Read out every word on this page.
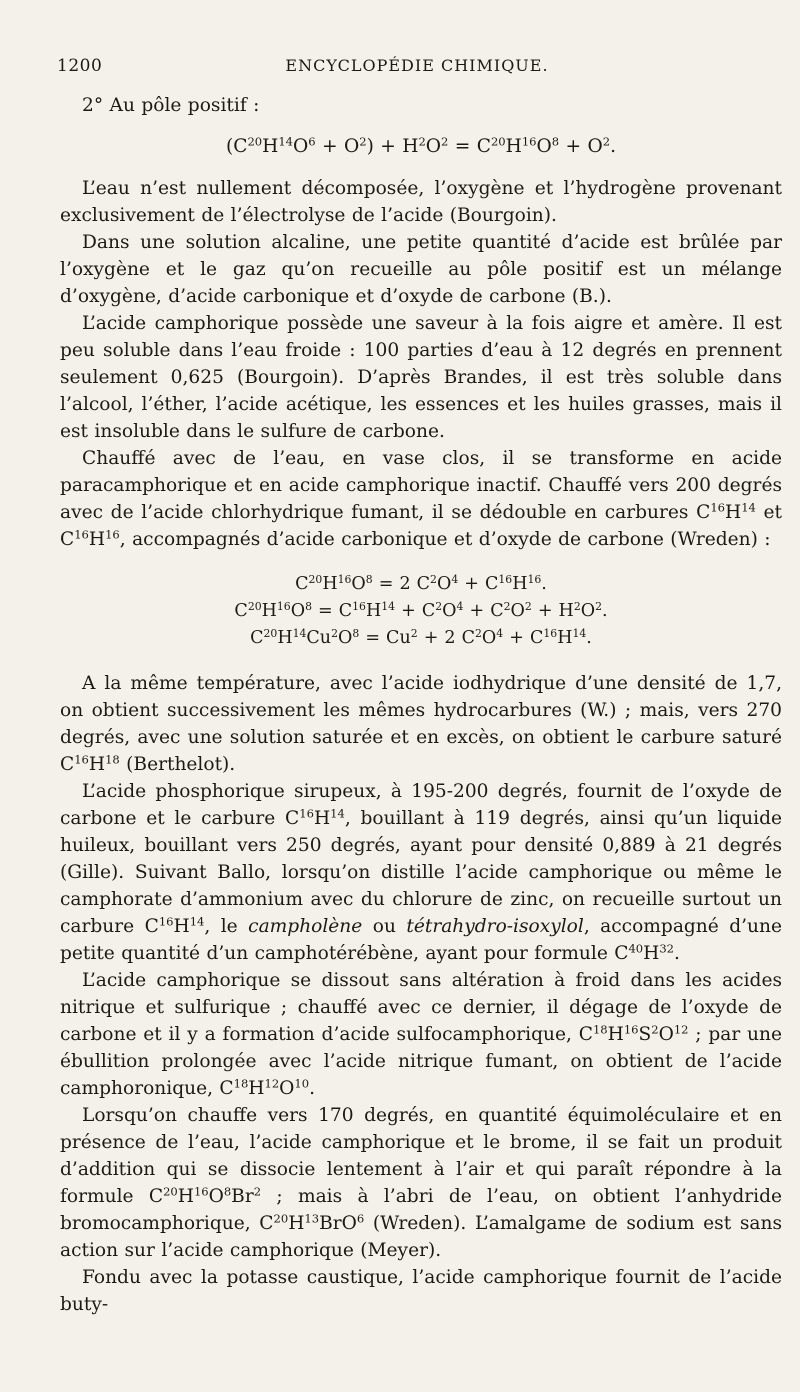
1200	ENCYCLOPÉDIE CHIMIQUE.

2° Au pôle positif :

$(C^{20}H^{14}O^6 + O^2) + H^2O^2 = C^{20}H^{16}O^8 + O^2$.

L’eau n’est nullement décomposée, l’oxygène et l’hydrogène provenant exclusivement de l’électrolyse de l’acide (Bourgoin).

Dans une solution alcaline, une petite quantité d’acide est brûlée par l’oxygène et le gaz qu’on recueille au pôle positif est un mélange d’oxygène, d’acide carbonique et d’oxyde de carbone (B.).

L’acide camphorique possède une saveur à la fois aigre et amère. Il est peu soluble dans l’eau froide : 100 parties d’eau à 12 degrés en prennent seulement 0,625 (Bourgoin). D’après Brandes, il est très soluble dans l’alcool, l’éther, l’acide acétique, les essences et les huiles grasses, mais il est insoluble dans le sulfure de carbone.

Chauffé avec de l’eau, en vase clos, il se transforme en acide paracamphorique et en acide camphorique inactif. Chauffé vers 200 degrés avec de l’acide chlorhydrique fumant, il se dédouble en carbures $C^{16}H^{14}$ et $C^{16}H^{16}$, accompagnés d’acide carbonique et d’oxyde de carbone (Wreden) :

$C^{20}H^{16}O^8 = 2$ $C^2O^4 + C^{16}H^{16}$.
$C^{20}H^{16}O^8 = C^{16}H^{14} + C^2O^4 + C^2O^2 + H^2O^2$.
$C^{20}H^{14}Cu^2O^8 = Cu^2 + 2$ $C^2O^4 + C^{16}H^{14}$.

A la même température, avec l’acide iodhydrique d’une densité de 1,7, on obtient successivement les mêmes hydrocarbures (W.) ; mais, vers 270 degrés, avec une solution saturée et en excès, on obtient le carbure saturé $C^{16}H^{18}$ (Berthelot).

L’acide phosphorique sirupeux, à 195-200 degrés, fournit de l’oxyde de carbone et le carbure $C^{16}H^{14}$, bouillant à 119 degrés, ainsi qu’un liquide huileux, bouillant vers 250 degrés, ayant pour densité 0,889 à 21 degrés (Gille). Suivant Ballo, lorsqu’on distille l’acide camphorique ou même le camphorate d’ammonium avec du chlorure de zinc, on recueille surtout un carbure $C^{16}H^{14}$, le campholène ou tétrahydro-isoxylol, accompagné d’une petite quantité d’un camphotérébène, ayant pour formule $C^{40}H^{32}$.

L’acide camphorique se dissout sans altération à froid dans les acides nitrique et sulfurique ; chauffé avec ce dernier, il dégage de l’oxyde de carbone et il y a formation d’acide sulfocamphorique, $C^{18}H^{16}S^2O^{12}$ ; par une ébullition prolongée avec l’acide nitrique fumant, on obtient de l’acide camphoronique, $C^{18}H^{12}O^{10}$.

Lorsqu’on chauffe vers 170 degrés, en quantité équimoléculaire et en présence de l’eau, l’acide camphorique et le brome, il se fait un produit d’addition qui se dissocie lentement à l’air et qui paraît répondre à la formule $C^{20}H^{16}O^8Br^2$ ; mais à l’abri de l’eau, on obtient l’anhydride bromocamphorique, $C^{20}H^{13}BrO^6$ (Wreden). L’amalgame de sodium est sans action sur l’acide camphorique (Meyer).

Fondu avec la potasse caustique, l’acide camphorique fournit de l’acide buty-
